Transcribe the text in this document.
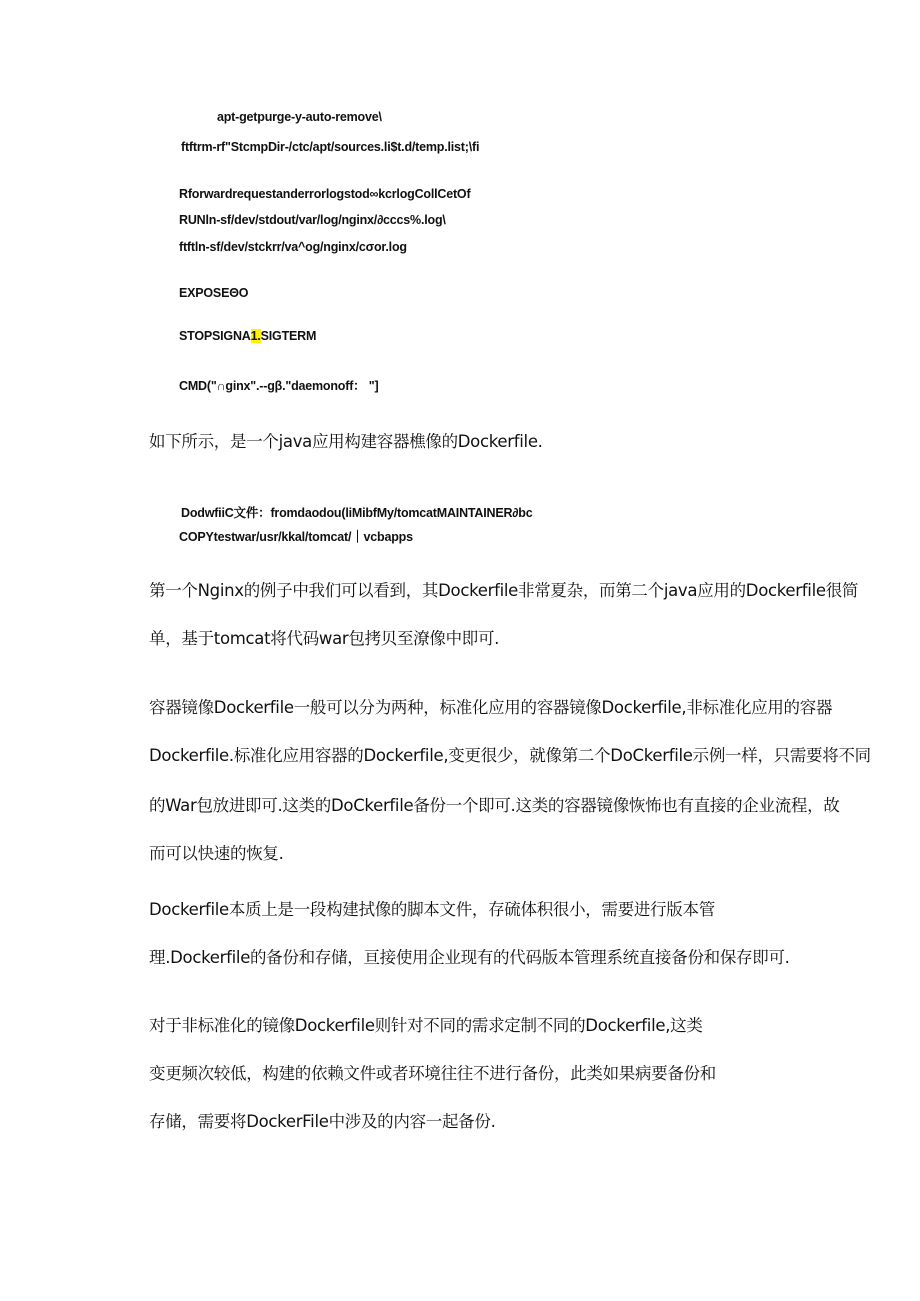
apt-getpurge-y-auto-remove\
ftftrm-rf"StcmpDir-/ctc/apt/sources.li$t.d/temp.list;\fi
Rforwardrequestanderrorlogstod∞kcrlogCollCetOf
RUNln-sf/dev/stdout/var/log/nginx/∂cccs%.log\
ftftln-sf/dev/stckrr/va^og/nginx/cσor.log
EXPOSEΘO
STOPSIGNA1.SIGTERM
CMD("∩ginx".--gβ."daemonoff： "]
如下所示，是一个java应用构建容器樵像的Dockerfile.
DodwfiiC文件：fromdaodou(liMibfMy/tomcatMAINTAINER∂bc
COPYtestwar/usr/kkal/tomcat/｜vcbapps
第一个Nginx的例子中我们可以看到，其Dockerfile非常夏杂，而第二个java应用的Dockerfile很简
单，基于tomcat将代码war包拷贝至潦像中即可.
容器镜像Dockerfile一般可以分为两种，标准化应用的容器镜像Dockerfile,非标准化应用的容器
Dockerfile.标准化应用容器的Dockerfile,变更很少，就像第二个DoCkerfile示例一样，只需要将不同
的War包放进即可.这类的DoCkerfile备份一个即可.这类的容器镜像恢怖也有直接的企业流程，故
而可以快速的恢复.
Dockerfile本质上是一段构建拭像的脚本文件，存硫体积很小，需要进行版本管
理.Dockerfile的备份和存储，亘接使用企业现有的代码版本管理系统直接备份和保存即可.
对于非标准化的镜像Dockerfile则针对不同的需求定制不同的Dockerfile,这类
变更频次较低，构建的依赖文件或者环境往往不进行备份，此类如果病要备份和
存储，需要将DockerFile中涉及的内容一起备份.
